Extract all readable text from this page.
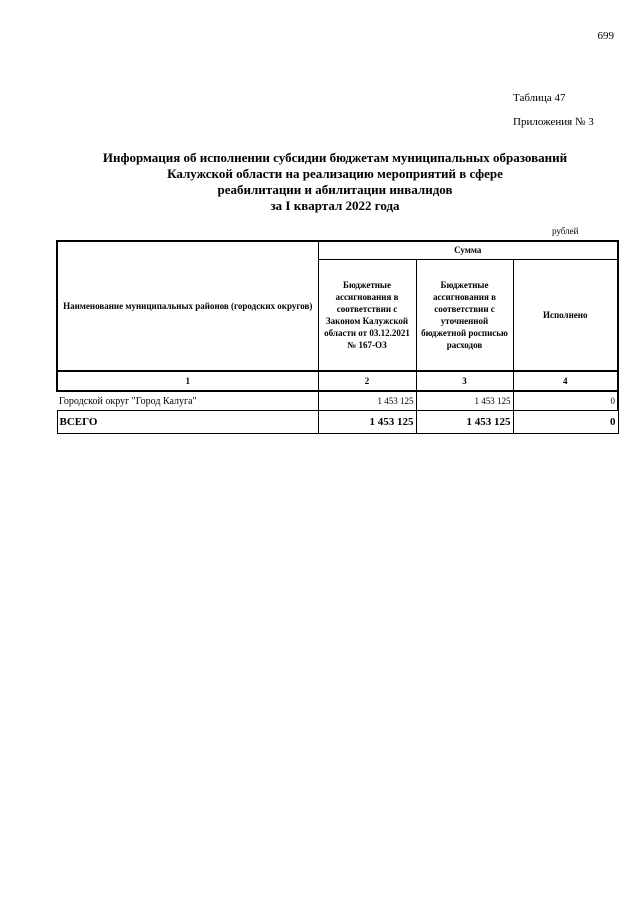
699
Таблица 47
Приложения № 3
Информация об исполнении субсидии бюджетам муниципальных образований
Калужской области на реализацию мероприятий в сфере
реабилитации и абилитации инвалидов
за I квартал 2022 года
рублей
Наименование муниципальных районов (городских округов)	Сумма		
	Бюджетные ассигнования в соответствии с Законом Калужской области от 03.12.2021 № 167-ОЗ	Бюджетные ассигнования в соответствии с уточненной бюджетной росписью расходов	Исполнено
1	2	3	4
Городской округ "Город Калуга"	1 453 125	1 453 125	0
ВСЕГО	1 453 125	1 453 125	0
